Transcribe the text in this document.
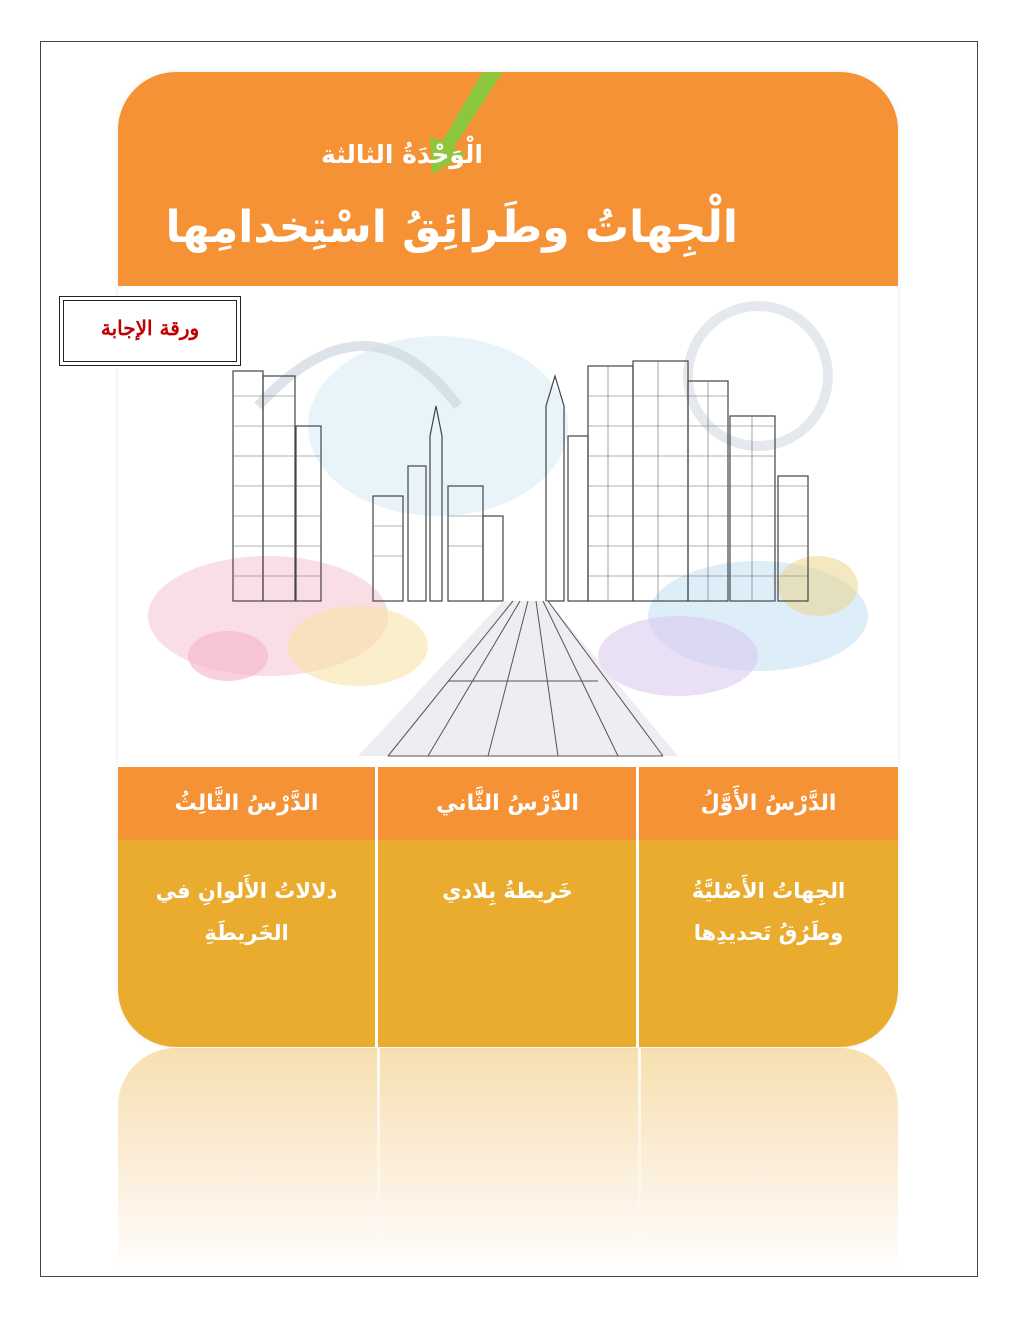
الْوَحْدَةُ الثالثة
الْجِهاتُ وطَرائِقُ اسْتِخدامِها
الدَّرْسُ الأَوَّلُ
الجِهاتُ الأَصْليَّةُ وطَرُقُ تَحديدِها
الدَّرْسُ الثَّاني
خَريطةُ بِلادي
الدَّرْسُ الثَّالِثُ
دلالاتُ الأَلوانِ في الخَريطَةِ
ورقة الإجابة
